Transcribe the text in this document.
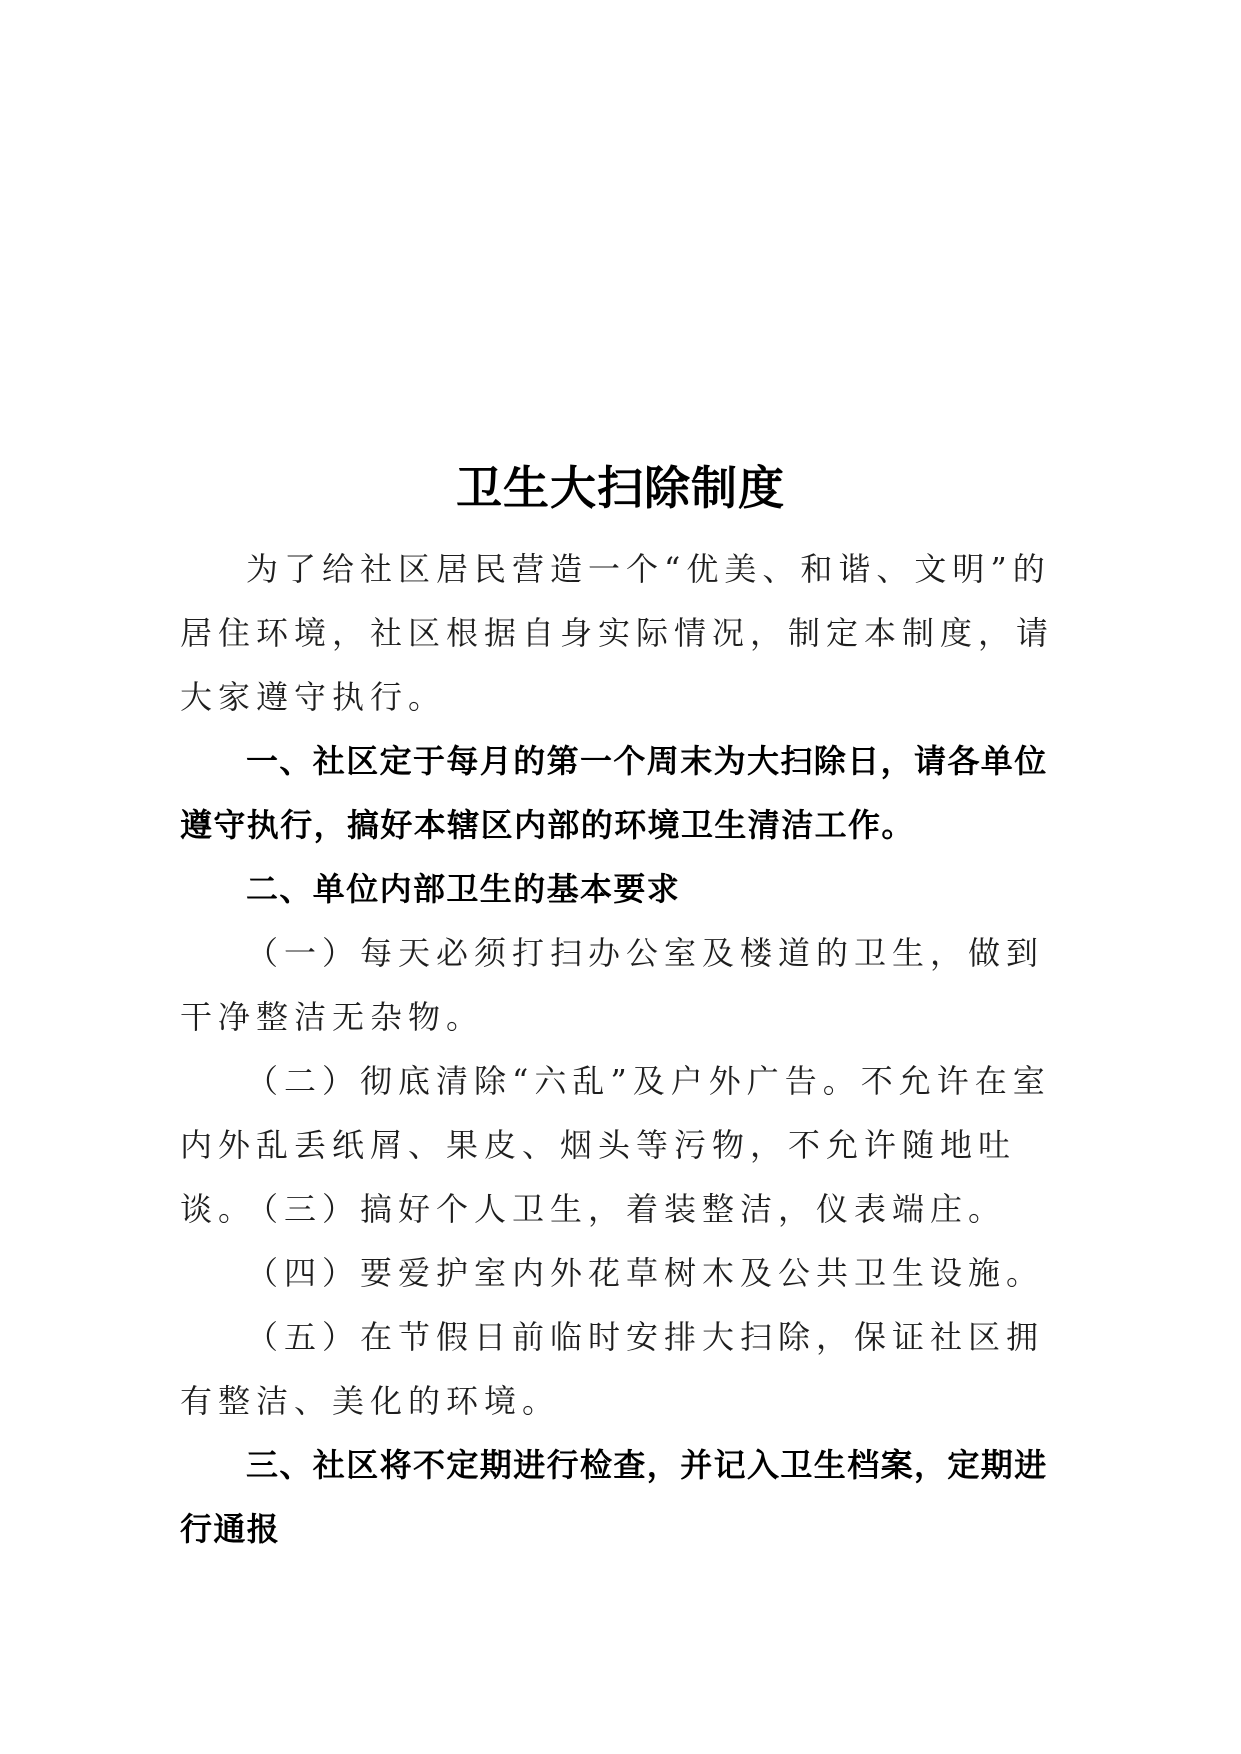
卫生大扫除制度

为了给社区居民营造一个“优美、和谐、文明”的居住环境，社区根据自身实际情况，制定本制度，请大家遵守执行。

一、社区定于每月的第一个周末为大扫除日，请各单位遵守执行，搞好本辖区内部的环境卫生清洁工作。

二、单位内部卫生的基本要求

（一）每天必须打扫办公室及楼道的卫生，做到干净整洁无杂物。

（二）彻底清除“六乱”及户外广告。不允许在室内外乱丢纸屑、果皮、烟头等污物，不允许随地吐谈。

（三）搞好个人卫生，着装整洁，仪表端庄。

（四）要爱护室内外花草树木及公共卫生设施。

（五）在节假日前临时安排大扫除，保证社区拥有整洁、美化的环境。

三、社区将不定期进行检查，并记入卫生档案，定期进行通报
